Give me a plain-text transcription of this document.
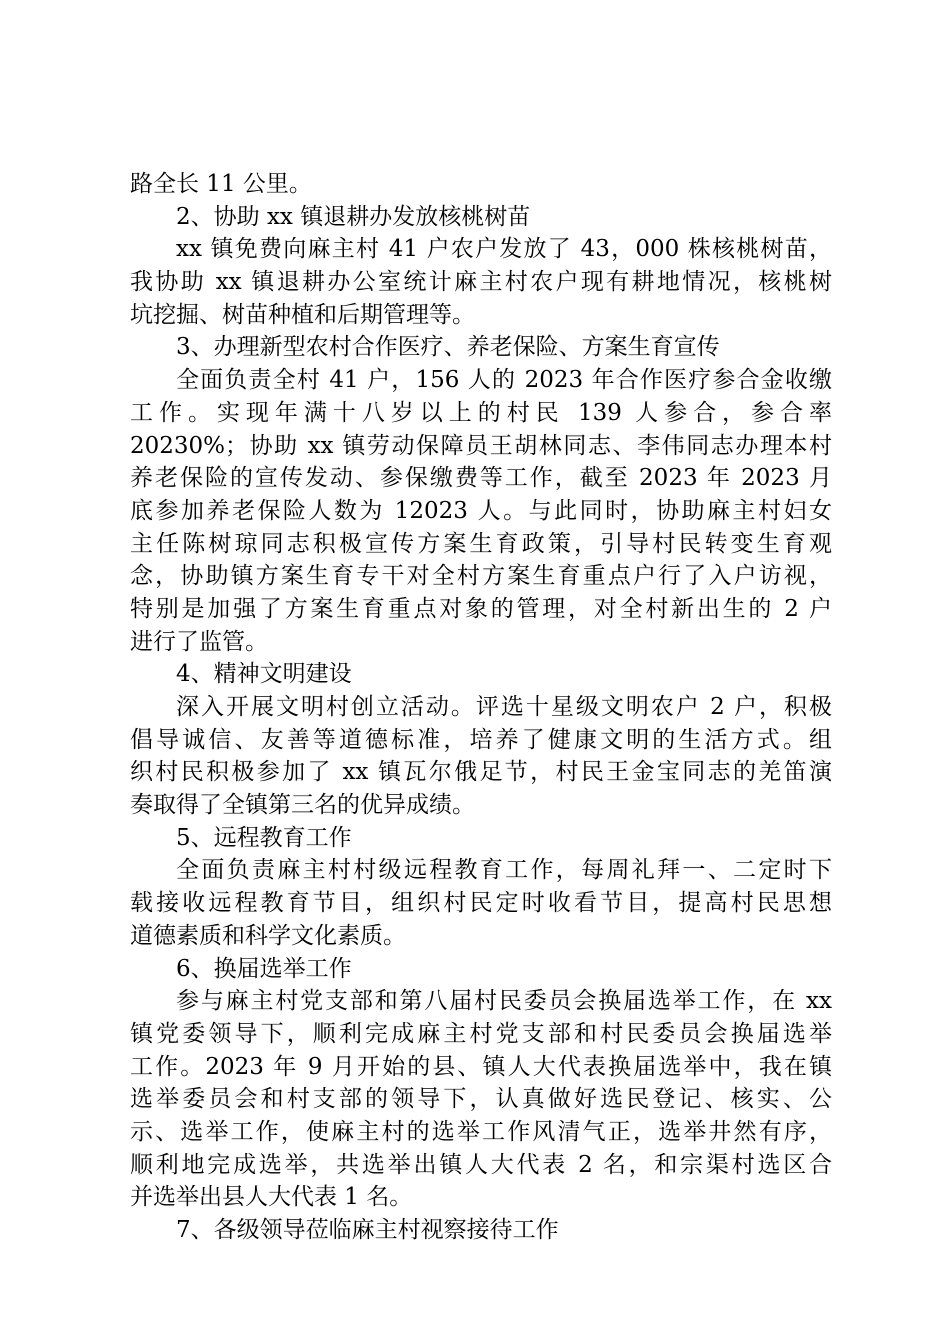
路全长 11 公里。
2、协助 xx 镇退耕办发放核桃树苗
xx 镇免费向麻主村 41 户农户发放了 43，000 株核桃树苗，
我协助 xx 镇退耕办公室统计麻主村农户现有耕地情况，核桃树
坑挖掘、树苗种植和后期管理等。
3、办理新型农村合作医疗、养老保险、方案生育宣传
全面负责全村 41 户，156 人的 2023 年合作医疗参合金收缴
工作。实现年满十八岁以上的村民 139 人参合，参合率
20230%；协助 xx 镇劳动保障员王胡林同志、李伟同志办理本村
养老保险的宣传发动、参保缴费等工作，截至 2023 年 2023 月
底参加养老保险人数为 12023 人。与此同时，协助麻主村妇女
主任陈树琼同志积极宣传方案生育政策，引导村民转变生育观
念，协助镇方案生育专干对全村方案生育重点户行了入户访视，
特别是加强了方案生育重点对象的管理，对全村新出生的 2 户
进行了监管。
4、精神文明建设
深入开展文明村创立活动。评选十星级文明农户 2 户，积极
倡导诚信、友善等道德标准，培养了健康文明的生活方式。组
织村民积极参加了 xx 镇瓦尔俄足节，村民王金宝同志的羌笛演
奏取得了全镇第三名的优异成绩。
5、远程教育工作
全面负责麻主村村级远程教育工作，每周礼拜一、二定时下
载接收远程教育节目，组织村民定时收看节目，提高村民思想
道德素质和科学文化素质。
6、换届选举工作
参与麻主村党支部和第八届村民委员会换届选举工作，在 xx
镇党委领导下，顺利完成麻主村党支部和村民委员会换届选举
工作。2023 年 9 月开始的县、镇人大代表换届选举中，我在镇
选举委员会和村支部的领导下，认真做好选民登记、核实、公
示、选举工作，使麻主村的选举工作风清气正，选举井然有序，
顺利地完成选举，共选举出镇人大代表 2 名，和宗渠村选区合
并选举出县人大代表 1 名。
7、各级领导莅临麻主村视察接待工作
